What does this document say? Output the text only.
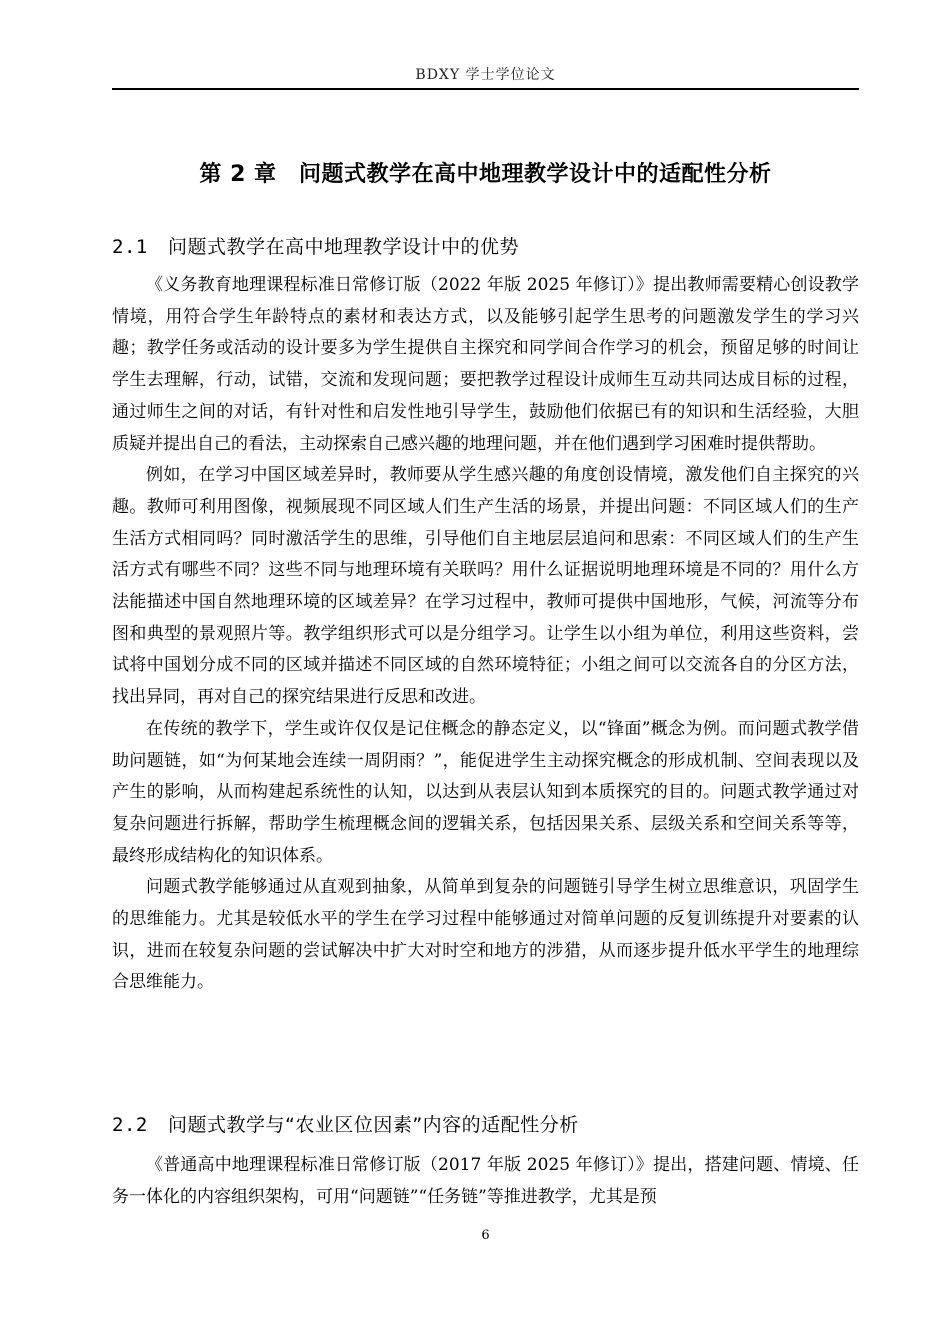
BDXY 学士学位论文
第 2 章　问题式教学在高中地理教学设计中的适配性分析
2.1 问题式教学在高中地理教学设计中的优势

《义务教育地理课程标准日常修订版（2022 年版 2025 年修订）》提出教师需要精心创设教学情境，用符合学生年龄特点的素材和表达方式，以及能够引起学生思考的问题激发学生的学习兴趣；教学任务或活动的设计要多为学生提供自主探究和同学间合作学习的机会，预留足够的时间让学生去理解，行动，试错，交流和发现问题；要把教学过程设计成师生互动共同达成目标的过程，通过师生之间的对话，有针对性和启发性地引导学生，鼓励他们依据已有的知识和生活经验，大胆质疑并提出自己的看法，主动探索自己感兴趣的地理问题，并在他们遇到学习困难时提供帮助。

例如，在学习中国区域差异时，教师要从学生感兴趣的角度创设情境，激发他们自主探究的兴趣。教师可利用图像，视频展现不同区域人们生产生活的场景，并提出问题：不同区域人们的生产生活方式相同吗？同时激活学生的思维，引导他们自主地层层追问和思索：不同区域人们的生产生活方式有哪些不同？这些不同与地理环境有关联吗？用什么证据说明地理环境是不同的？用什么方法能描述中国自然地理环境的区域差异？在学习过程中，教师可提供中国地形，气候，河流等分布图和典型的景观照片等。教学组织形式可以是分组学习。让学生以小组为单位，利用这些资料，尝试将中国划分成不同的区域并描述不同区域的自然环境特征；小组之间可以交流各自的分区方法，找出异同，再对自己的探究结果进行反思和改进。

在传统的教学下，学生或许仅仅是记住概念的静态定义，以“锋面”概念为例。而问题式教学借助问题链，如“为何某地会连续一周阴雨？”，能促进学生主动探究概念的形成机制、空间表现以及产生的影响，从而构建起系统性的认知，以达到从表层认知到本质探究的目的。问题式教学通过对复杂问题进行拆解，帮助学生梳理概念间的逻辑关系，包括因果关系、层级关系和空间关系等等，最终形成结构化的知识体系。

问题式教学能够通过从直观到抽象，从简单到复杂的问题链引导学生树立思维意识，巩固学生的思维能力。尤其是较低水平的学生在学习过程中能够通过对简单问题的反复训练提升对要素的认识，进而在较复杂问题的尝试解决中扩大对时空和地方的涉猎，从而逐步提升低水平学生的地理综合思维能力。

2.2 问题式教学与“农业区位因素”内容的适配性分析

《普通高中地理课程标准日常修订版（2017 年版 2025 年修订）》提出，搭建问题、情境、任务一体化的内容组织架构，可用“问题链”“任务链”等推进教学，尤其是预

6
